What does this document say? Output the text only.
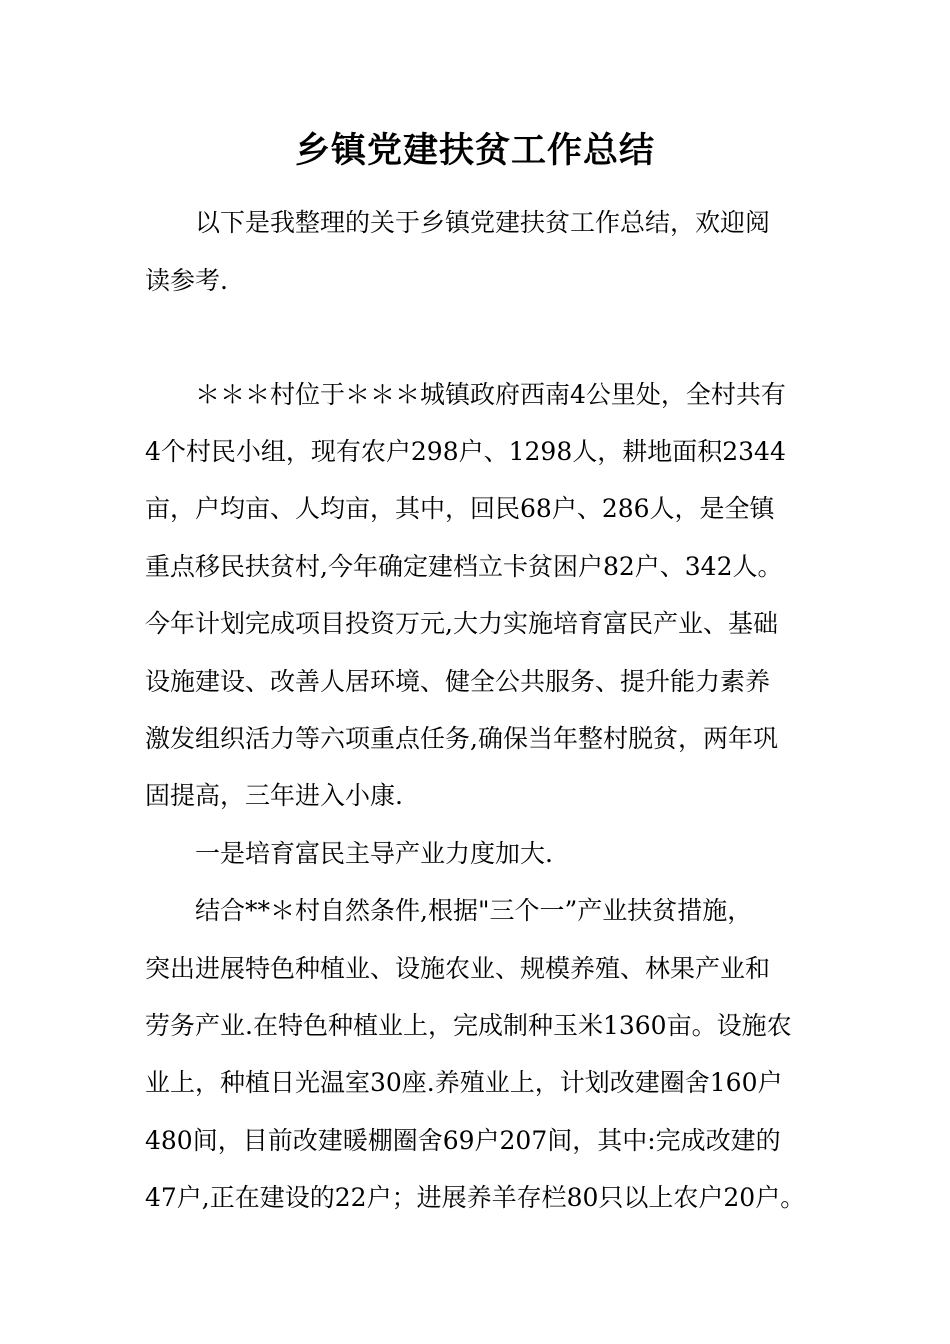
乡镇党建扶贫工作总结

以下是我整理的关于乡镇党建扶贫工作总结，欢迎阅

读参考.

＊＊＊村位于＊＊＊城镇政府西南4公里处，全村共有

4个村民小组，现有农户298户、1298人，耕地面积2344

亩，户均亩、人均亩，其中，回民68户、286人，是全镇

重点移民扶贫村,今年确定建档立卡贫困户82户、342人。

今年计划完成项目投资万元,大力实施培育富民产业、基础

设施建设、改善人居环境、健全公共服务、提升能力素养

激发组织活力等六项重点任务,确保当年整村脱贫，两年巩

固提高，三年进入小康.

一是培育富民主导产业力度加大.

结合**＊村自然条件,根据"三个一”产业扶贫措施，

突出进展特色种植业、设施农业、规模养殖、林果产业和

劳务产业.在特色种植业上，完成制种玉米1360亩。设施农

业上，种植日光温室30座.养殖业上，计划改建圈舍160户

480间，目前改建暖棚圈舍69户207间，其中:完成改建的

47户,正在建设的22户；进展养羊存栏80只以上农户20户。
